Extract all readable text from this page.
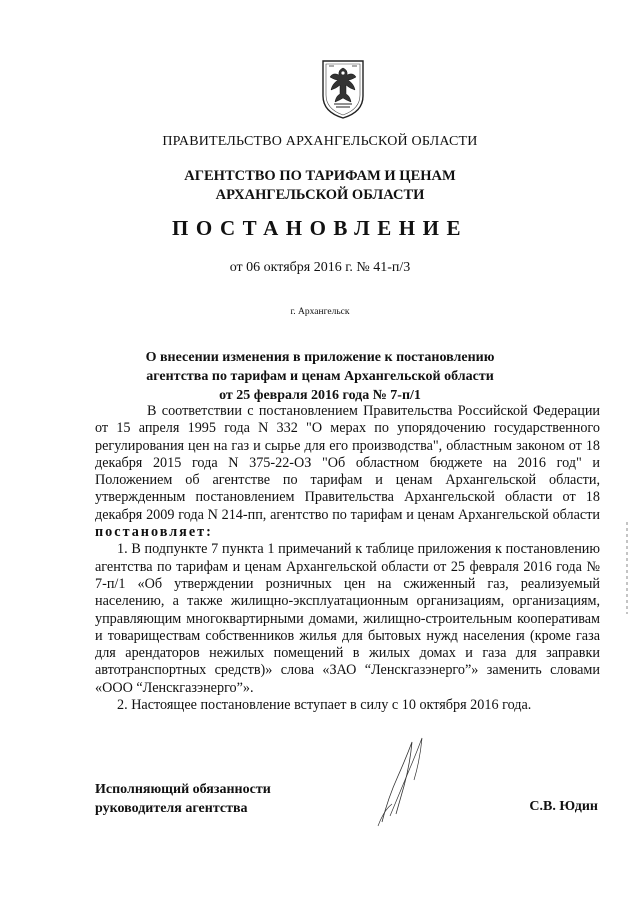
ПРАВИТЕЛЬСТВО АРХАНГЕЛЬСКОЙ ОБЛАСТИ
АГЕНТСТВО ПО ТАРИФАМ И ЦЕНАМ
АРХАНГЕЛЬСКОЙ ОБЛАСТИ
ПОСТАНОВЛЕНИЕ
от 06 октября 2016 г. № 41-п/3
г. Архангельск
О внесении изменения в приложение к постановлению
агентства по тарифам и ценам Архангельской области
от 25 февраля 2016 года № 7-п/1

В соответствии с постановлением Правительства Российской Федерации от 15 апреля 1995 года N 332 "О мерах по упорядочению государственного регулирования цен на газ и сырье для его производства", областным законом от 18 декабря 2015 года N 375-22-ОЗ "Об областном бюджете на 2016 год" и Положением об агентстве по тарифам и ценам Архангельской области, утвержденным постановлением Правительства Архангельской области от 18 декабря 2009 года N 214-пп, агентство по тарифам и ценам Архангельской области постановляет:

1. В подпункте 7 пункта 1 примечаний к таблице приложения к постановлению агентства по тарифам и ценам Архангельской области от 25 февраля 2016 года № 7-п/1 «Об утверждении розничных цен на сжиженный газ, реализуемый населению, а также жилищно-эксплуатационным организациям, организациям, управляющим многоквартирными домами, жилищно-строительным кооперативам и товариществам собственников жилья для бытовых нужд населения (кроме газа для арендаторов нежилых помещений в жилых домах и газа для заправки автотранспортных средств)» слова «ЗАО “Ленскгазэнерго”» заменить словами «ООО “Ленскгазэнерго”».

2. Настоящее постановление вступает в силу с 10 октября 2016 года.

Исполняющий обязанности
руководителя агентства	С.В. Юдин
